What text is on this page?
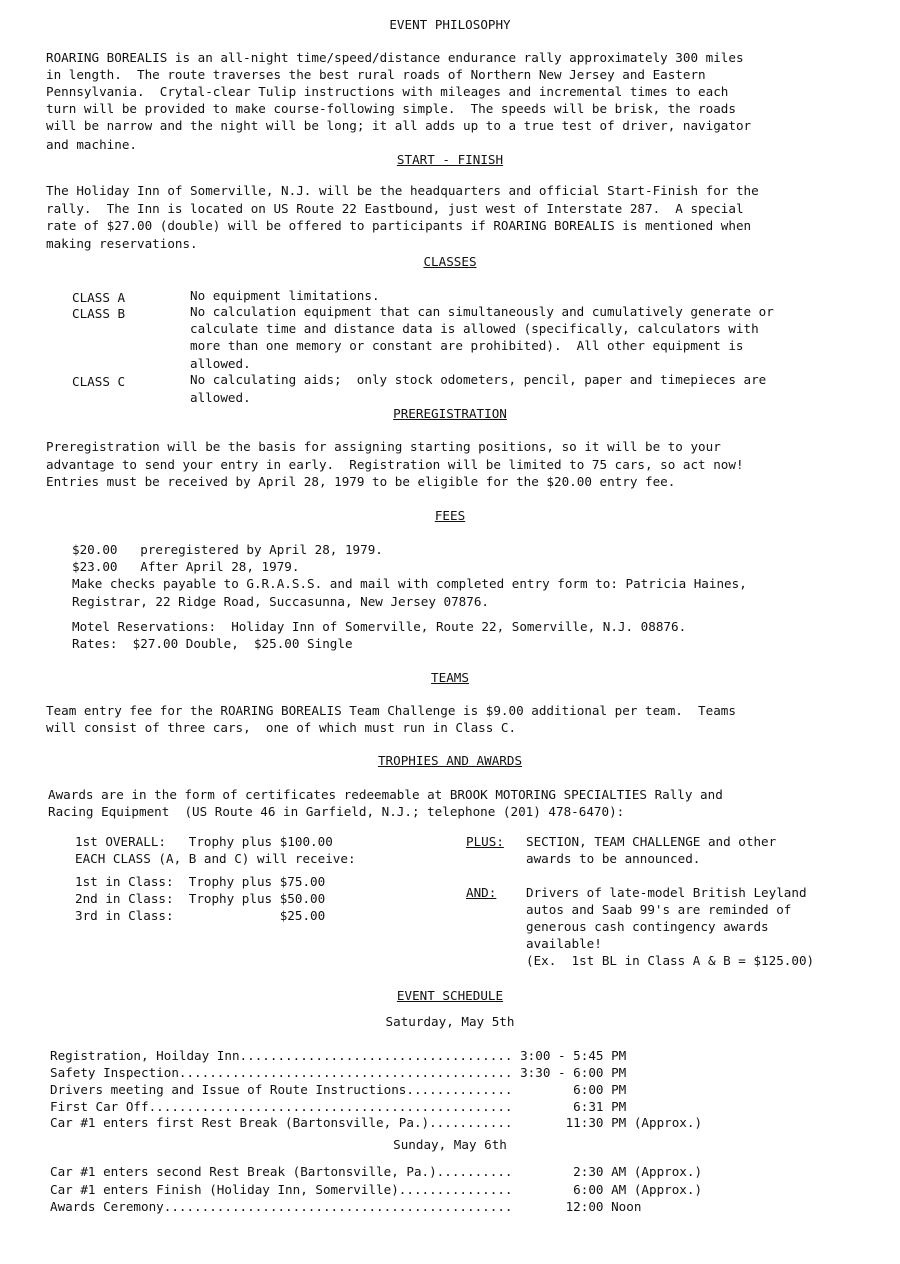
EVENT PHILOSOPHY
ROARING BOREALIS is an all-night time/speed/distance endurance rally approximately 300 miles
in length.  The route traverses the best rural roads of Northern New Jersey and Eastern
Pennsylvania.  Crytal-clear Tulip instructions with mileages and incremental times to each
turn will be provided to make course-following simple.  The speeds will be brisk, the roads
will be narrow and the night will be long; it all adds up to a true test of driver, navigator
and machine.
START - FINISH
The Holiday Inn of Somerville, N.J. will be the headquarters and official Start-Finish for the
rally.  The Inn is located on US Route 22 Eastbound, just west of Interstate 287.  A special
rate of $27.00 (double) will be offered to participants if ROARING BOREALIS is mentioned when
making reservations.
CLASSES
CLASS A	No equipment limitations.
CLASS B	No calculation equipment that can simultaneously and cumulatively generate or
calculate time and distance data is allowed (specifically, calculators with
more than one memory or constant are prohibited).  All other equipment is
allowed.
CLASS C	No calculating aids;  only stock odometers, pencil, paper and timepieces are
allowed.
PREREGISTRATION
Preregistration will be the basis for assigning starting positions, so it will be to your
advantage to send your entry in early.  Registration will be limited to 75 cars, so act now!
Entries must be received by April 28, 1979 to be eligible for the $20.00 entry fee.
FEES
$20.00   preregistered by April 28, 1979.
$23.00   After April 28, 1979.
Make checks payable to G.R.A.S.S. and mail with completed entry form to: Patricia Haines,
Registrar, 22 Ridge Road, Succasunna, New Jersey 07876.
Motel Reservations:  Holiday Inn of Somerville, Route 22, Somerville, N.J. 08876.
Rates:  $27.00 Double,  $25.00 Single
TEAMS
Team entry fee for the ROARING BOREALIS Team Challenge is $9.00 additional per team.  Teams
will consist of three cars,  one of which must run in Class C.
TROPHIES AND AWARDS
Awards are in the form of certificates redeemable at BROOK MOTORING SPECIALTIES Rally and
Racing Equipment  (US Route 46 in Garfield, N.J.; telephone (201) 478-6470):
1st OVERALL:   Trophy plus $100.00
EACH CLASS (A, B and C) will receive:
1st in Class:  Trophy plus $75.00
2nd in Class:  Trophy plus $50.00
3rd in Class:              $25.00
PLUS: SECTION, TEAM CHALLENGE and other
awards to be announced.
AND: Drivers of late-model British Leyland
autos and Saab 99's are reminded of
generous cash contingency awards
available!
(Ex.  1st BL in Class A & B = $125.00)
EVENT SCHEDULE
Saturday, May 5th
Registration, Hoilday Inn.................................... 3:00 - 5:45 PM
Safety Inspection............................................ 3:30 - 6:00 PM
Drivers meeting and Issue of Route Instructions..............        6:00 PM
First Car Off................................................        6:31 PM
Car #1 enters first Rest Break (Bartonsville, Pa.)...........       11:30 PM (Approx.)
Sunday, May 6th
Car #1 enters second Rest Break (Bartonsville, Pa.)..........        2:30 AM (Approx.)
Car #1 enters Finish (Holiday Inn, Somerville)...............        6:00 AM (Approx.)
Awards Ceremony..............................................       12:00 Noon
